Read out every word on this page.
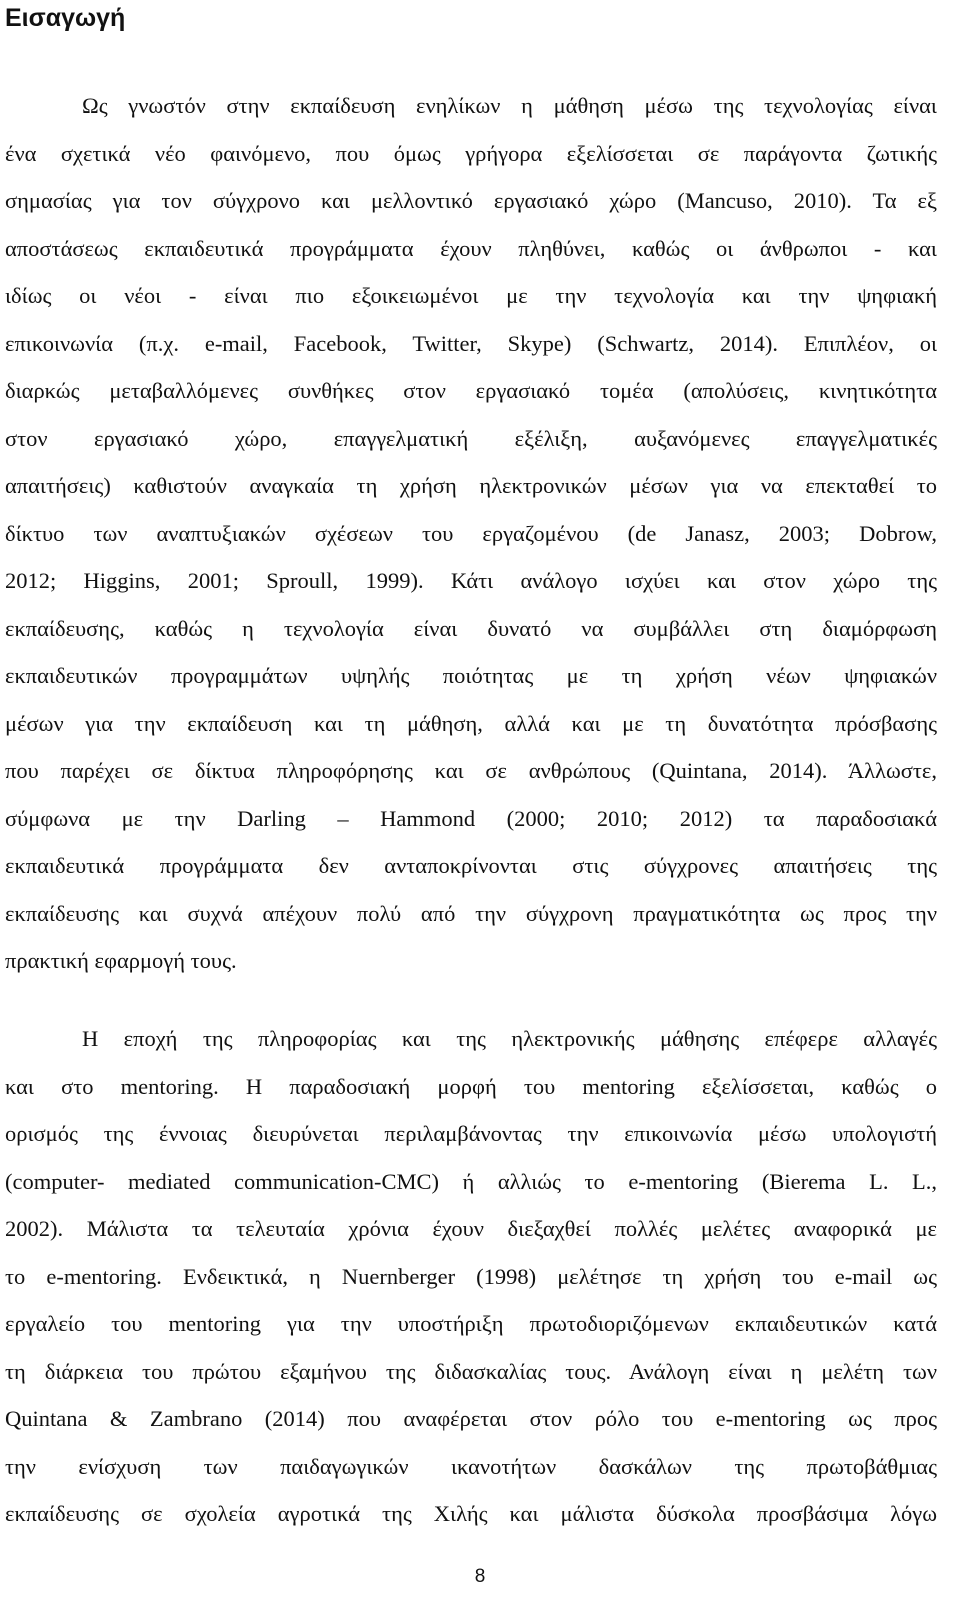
Εισαγωγή
Ως γνωστόν στην εκπαίδευση ενηλίκων η μάθηση μέσω της τεχνολογίας είναι
ένα σχετικά νέο φαινόμενο, που όμως γρήγορα εξελίσσεται σε παράγοντα ζωτικής
σημασίας για τον σύγχρονο και μελλοντικό εργασιακό χώρο (Mancuso, 2010). Τα εξ
αποστάσεως εκπαιδευτικά προγράμματα έχουν πληθύνει, καθώς οι άνθρωποι - και
ιδίως οι νέοι - είναι πιο εξοικειωμένοι με την τεχνολογία και την ψηφιακή
επικοινωνία (π.χ. e-mail, Facebook, Twitter, Skype) (Schwartz, 2014). Επιπλέον, οι
διαρκώς μεταβαλλόμενες συνθήκες στον εργασιακό τομέα (απολύσεις, κινητικότητα
στον εργασιακό χώρο, επαγγελματική εξέλιξη, αυξανόμενες επαγγελματικές
απαιτήσεις) καθιστούν αναγκαία τη χρήση ηλεκτρονικών μέσων για να επεκταθεί το
δίκτυο των αναπτυξιακών σχέσεων του εργαζομένου (de Janasz, 2003; Dobrow,
2012; Higgins, 2001; Sproull, 1999). Κάτι ανάλογο ισχύει και στον χώρο της
εκπαίδευσης, καθώς η τεχνολογία είναι δυνατό να συμβάλλει στη διαμόρφωση
εκπαιδευτικών προγραμμάτων υψηλής ποιότητας με τη χρήση νέων ψηφιακών
μέσων για την εκπαίδευση και τη μάθηση, αλλά και με τη δυνατότητα πρόσβασης
που παρέχει σε δίκτυα πληροφόρησης και σε ανθρώπους (Quintana, 2014). Άλλωστε,
σύμφωνα με την Darling – Hammond (2000; 2010; 2012) τα παραδοσιακά
εκπαιδευτικά προγράμματα δεν ανταποκρίνονται στις σύγχρονες απαιτήσεις της
εκπαίδευσης και συχνά απέχουν πολύ από την σύγχρονη πραγματικότητα ως προς την
πρακτική εφαρμογή τους.
Η εποχή της πληροφορίας και της ηλεκτρονικής μάθησης επέφερε αλλαγές
και στο mentoring. Η παραδοσιακή μορφή του mentoring εξελίσσεται, καθώς ο
ορισμός της έννοιας διευρύνεται περιλαμβάνοντας την επικοινωνία μέσω υπολογιστή
(computer- mediated communication-CMC) ή αλλιώς το e-mentoring (Bierema L. L.,
2002). Μάλιστα τα τελευταία χρόνια έχουν διεξαχθεί πολλές μελέτες αναφορικά με
το e-mentoring. Ενδεικτικά, η Nuernberger (1998) μελέτησε τη χρήση του e-mail ως
εργαλείο του mentoring για την υποστήριξη πρωτοδιοριζόμενων εκπαιδευτικών κατά
τη διάρκεια του πρώτου εξαμήνου της διδασκαλίας τους. Ανάλογη είναι η μελέτη των
Quintana & Zambrano (2014) που αναφέρεται στον ρόλο του e-mentoring ως προς
την ενίσχυση των παιδαγωγικών ικανοτήτων δασκάλων της πρωτοβάθμιας
εκπαίδευσης σε σχολεία αγροτικά της Χιλής και μάλιστα δύσκολα προσβάσιμα λόγω
8
